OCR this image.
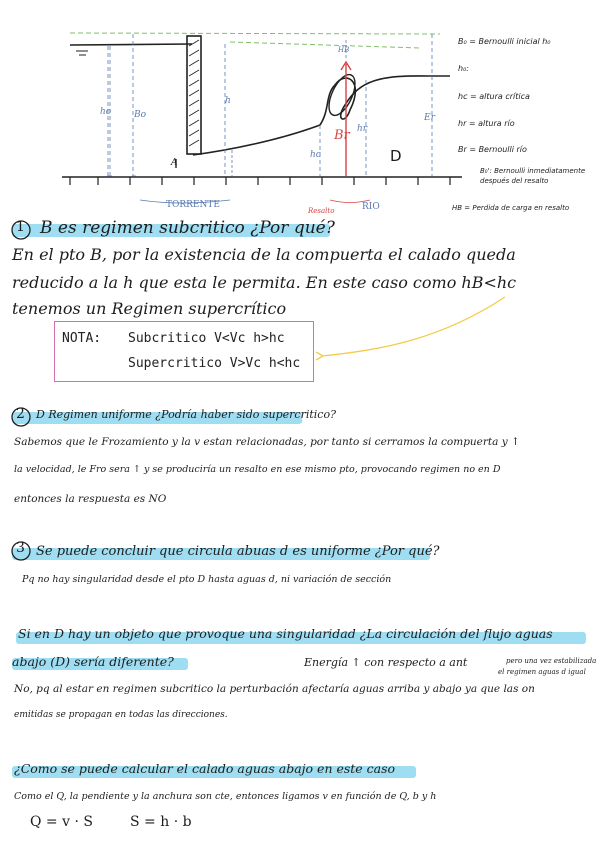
ho	Bo
h
hc
hr
Br
Er
HB
A	D
TORRENTE
Resalto	RIO
B₀ = Bernoulli inicial h₀
h₀:
hc = altura crítica
hr = altura río
Br = Bernoulli río
B₀': Bernoulli inmediatamente después del resalto
HB = Perdida de carga en resalto
1 B es regimen subcritico ¿Por qué?
En el pto B, por la existencia de la compuerta el calado queda
reducido a la h que esta le permita. En este caso como hB<hc
tenemos un Regimen supercrítico
NOTA: Subcritico V<Vc h>hc
Supercritico V>Vc h<hc
2 D Regimen uniforme ¿Podría haber sido supercritico?
Sabemos que le Frozamiento y la v estan relacionadas, por tanto si cerramos la compuerta y ↑
la velocidad, le Fro sera ↑ y se produciría un resalto en ese mismo pto, provocando regimen no en D
entonces la respuesta es NO
3 Se puede concluir que circula abuas d es uniforme ¿Por qué?
Pq no hay singularidad desde el pto D hasta aguas d, ni variación de sección
Si en D hay un objeto que provoque una singularidad ¿La circulación del flujo aguas
abajo (D) sería diferente?	Energía ↑ con respecto a ant	pero una vez estabilizada
el regimen aguas d igual
No, pq al estar en regimen subcritico la perturbación afectaría aguas arriba y abajo ya que las on
emitidas se propagan en todas las direcciones.
¿Como se puede calcular el calado aguas abajo en este caso
Como el Q, la pendiente y la anchura son cte, entonces ligamos v en función de Q, b y h
Q = v · S	S = h · b
